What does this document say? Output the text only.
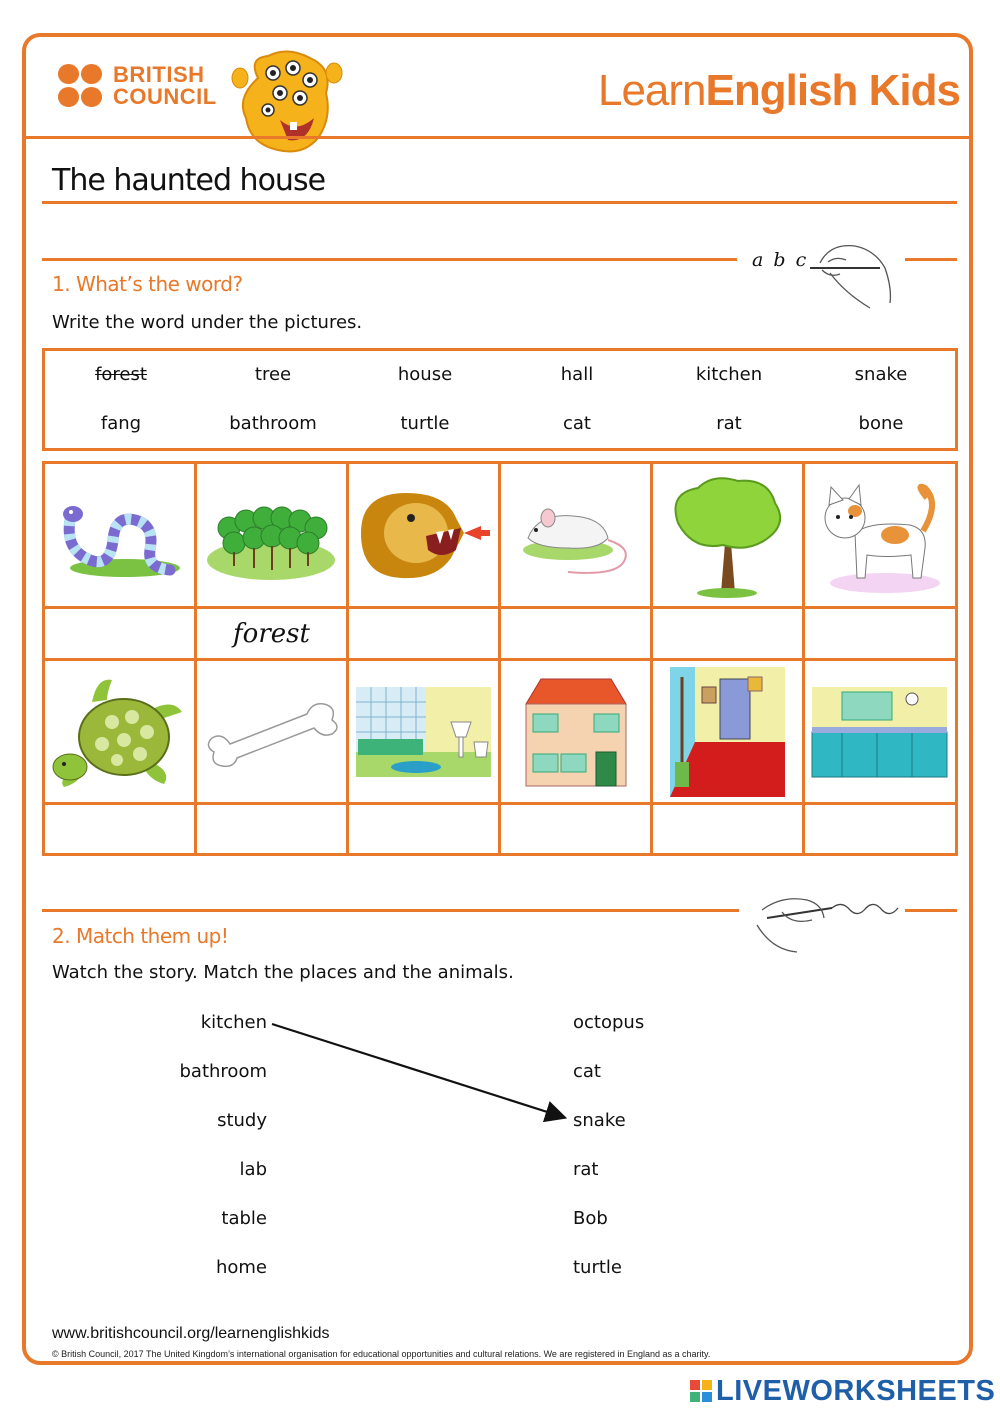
BRITISH
COUNCIL	LearnEnglish Kids
The haunted house
a b c
1. What’s the word?
Write the word under the pictures.
forest	tree	house	hall	kitchen	snake
fang	bathroom	turtle	cat	rat	bone
forest
2. Match them up!
Watch the story. Match the places and the animals.
kitchen
bathroom
study
lab
table
home
octopus
cat
snake
rat
Bob
turtle
www.britishcouncil.org/learnenglishkids
© British Council, 2017 The United Kingdom’s international organisation for educational opportunities and cultural relations. We are registered in England as a charity.
LIVEWORKSHEETS
